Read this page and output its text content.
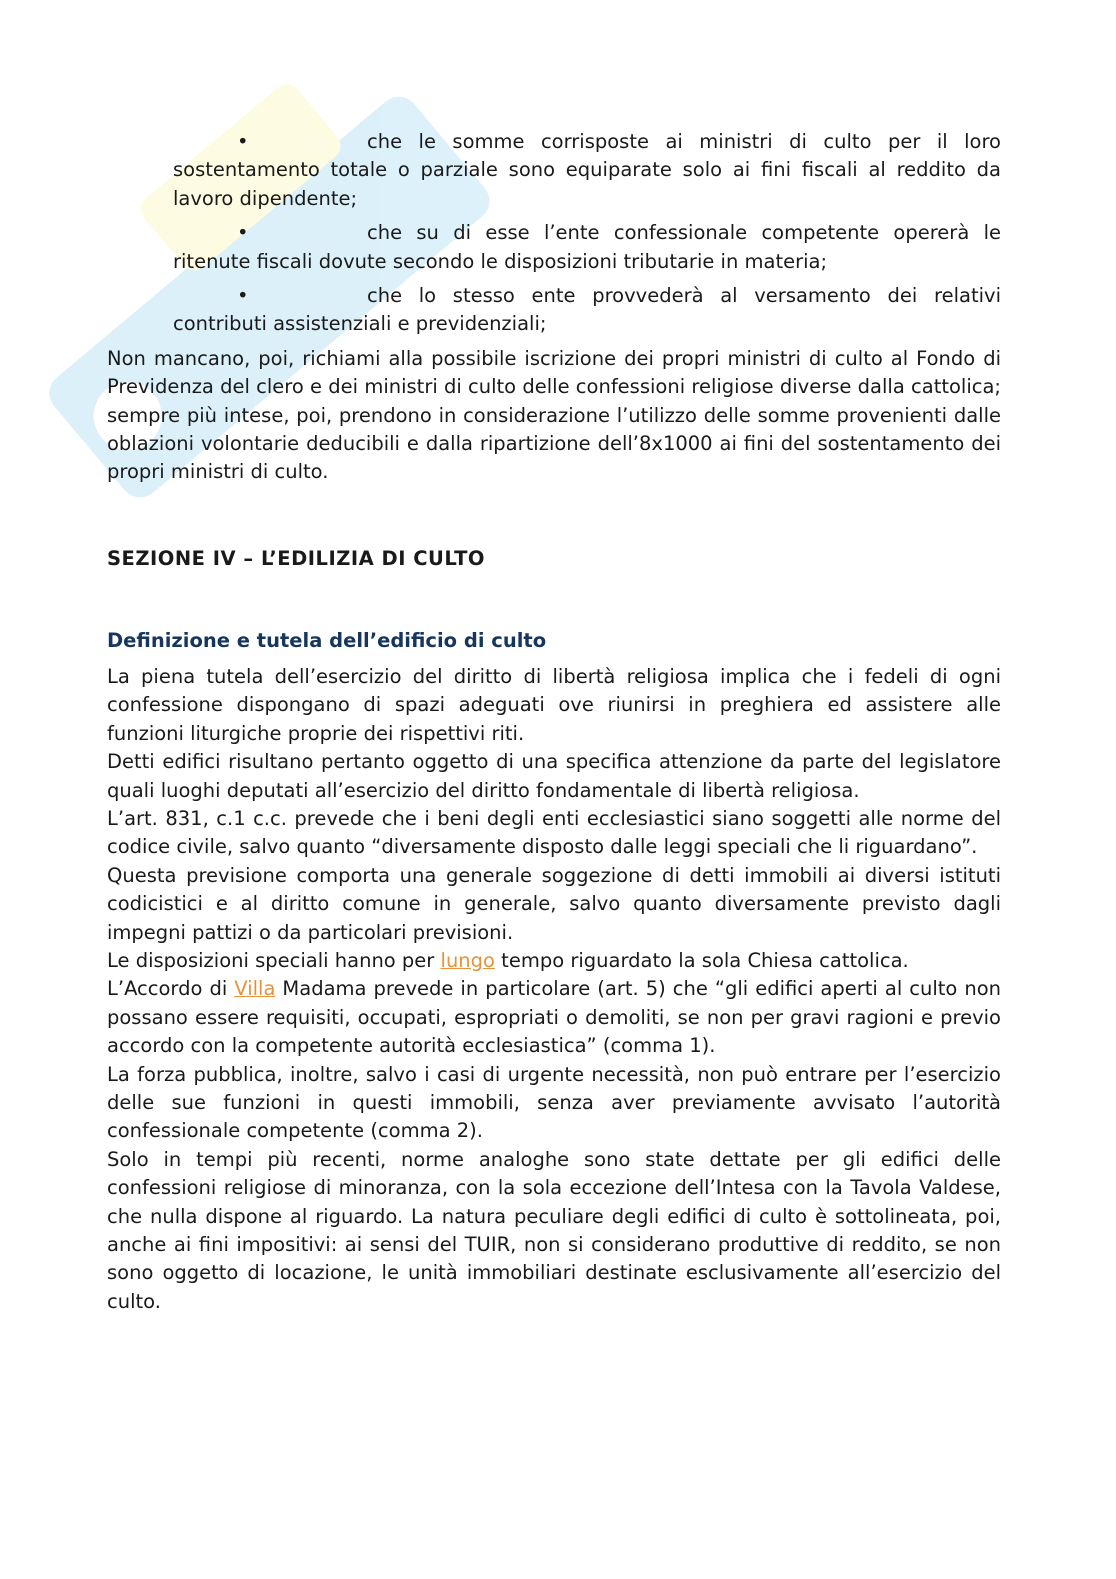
•	che le somme corrisposte ai ministri di culto per il loro sostentamento totale o parziale sono equiparate solo ai fini fiscali al reddito da lavoro dipendente;

•	che su di esse l’ente confessionale competente opererà le ritenute fiscali dovute secondo le disposizioni tributarie in materia;

•	che lo stesso ente provvederà al versamento dei relativi contributi assistenziali e previdenziali;

Non mancano, poi, richiami alla possibile iscrizione dei propri ministri di culto al Fondo di Previdenza del clero e dei ministri di culto delle confessioni religiose diverse dalla cattolica; sempre più intese, poi, prendono in considerazione l’utilizzo delle somme provenienti dalle oblazioni volontarie deducibili e dalla ripartizione dell’8x1000 ai fini del sostentamento dei propri ministri di culto.

SEZIONE IV – L’EDILIZIA DI CULTO
Definizione e tutela dell’edificio di culto

La piena tutela dell’esercizio del diritto di libertà religiosa implica che i fedeli di ogni confessione dispongano di spazi adeguati ove riunirsi in preghiera ed assistere alle funzioni liturgiche proprie dei rispettivi riti.

Detti edifici risultano pertanto oggetto di una specifica attenzione da parte del legislatore quali luoghi deputati all’esercizio del diritto fondamentale di libertà religiosa.

L’art. 831, c.1 c.c. prevede che i beni degli enti ecclesiastici siano soggetti alle norme del codice civile, salvo quanto “diversamente disposto dalle leggi speciali che li riguardano”.

Questa previsione comporta una generale soggezione di detti immobili ai diversi istituti codicistici e al diritto comune in generale, salvo quanto diversamente previsto dagli impegni pattizi o da particolari previsioni.

Le disposizioni speciali hanno per lungo tempo riguardato la sola Chiesa cattolica.

L’Accordo di Villa Madama prevede in particolare (art. 5) che “gli edifici aperti al culto non possano essere requisiti, occupati, espropriati o demoliti, se non per gravi ragioni e previo accordo con la competente autorità ecclesiastica” (comma 1).

La forza pubblica, inoltre, salvo i casi di urgente necessità, non può entrare per l’esercizio delle sue funzioni in questi immobili, senza aver previamente avvisato l’autorità confessionale competente (comma 2).

Solo in tempi più recenti, norme analoghe sono state dettate per gli edifici delle confessioni religiose di minoranza, con la sola eccezione dell’Intesa con la Tavola Valdese, che nulla dispone al riguardo. La natura peculiare degli edifici di culto è sottolineata, poi, anche ai fini impositivi: ai sensi del TUIR, non si considerano produttive di reddito, se non sono oggetto di locazione, le unità immobiliari destinate esclusivamente all’esercizio del culto.
